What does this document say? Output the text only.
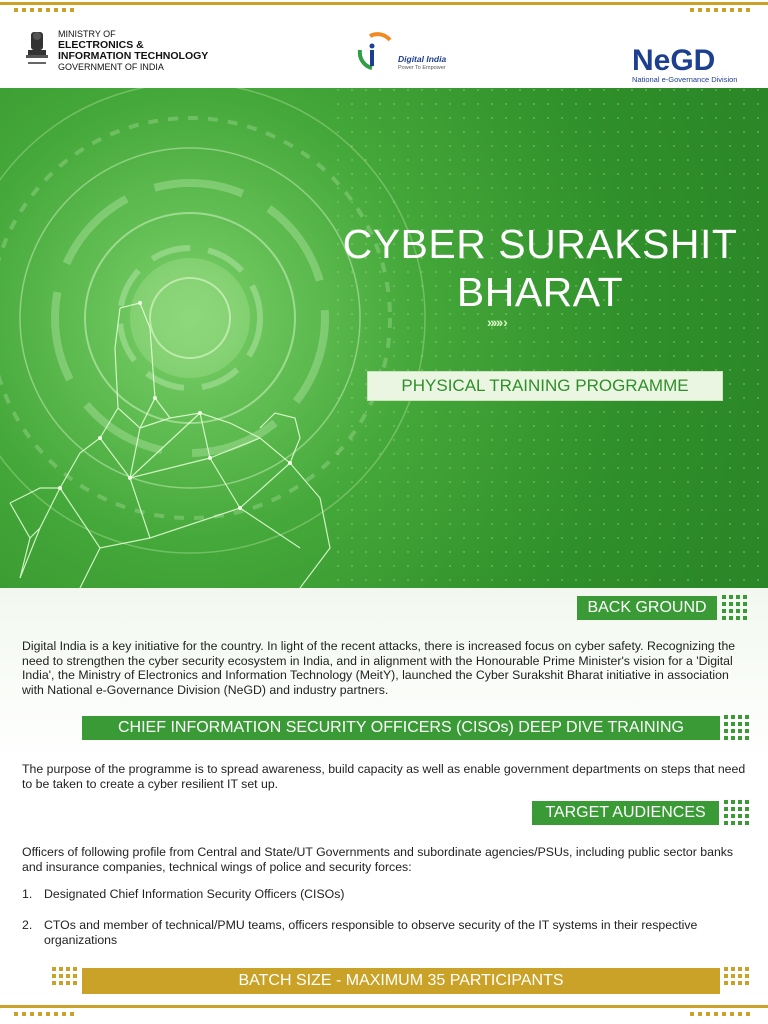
MINISTRY OF
ELECTRONICS &
INFORMATION TECHNOLOGY
GOVERNMENT OF INDIA
Digital India
Power To Empower	NeGD
National e-Governance Division
CYBER SURAKSHIT
BHARAT
»»› ›
PHYSICAL TRAINING PROGRAMME
BACK GROUND
Digital India is a key initiative for the country. In light of the recent attacks, there is increased focus on cyber safety. Recognizing the need to strengthen the cyber security ecosystem in India, and in alignment with the Honourable Prime Minister's vision for a 'Digital India', the Ministry of Electronics and Information Technology (MeitY), launched the Cyber Surakshit Bharat initiative in association with National e-Governance Division (NeGD) and industry partners.
CHIEF INFORMATION SECURITY OFFICERS (CISOs) DEEP DIVE TRAINING
The purpose of the programme is to spread awareness, build capacity as well as enable government departments on steps that need to be taken to create a cyber resilient IT set up.
TARGET AUDIENCES
Officers of following profile from Central and State/UT Governments and subordinate agencies/PSUs, including public sector banks and insurance companies, technical wings of police and security forces:
1. Designated Chief Information Security Officers (CISOs)
2. CTOs and member of technical/PMU teams, officers responsible to observe security of the IT systems in their respective organizations
BATCH SIZE - MAXIMUM 35 PARTICIPANTS
